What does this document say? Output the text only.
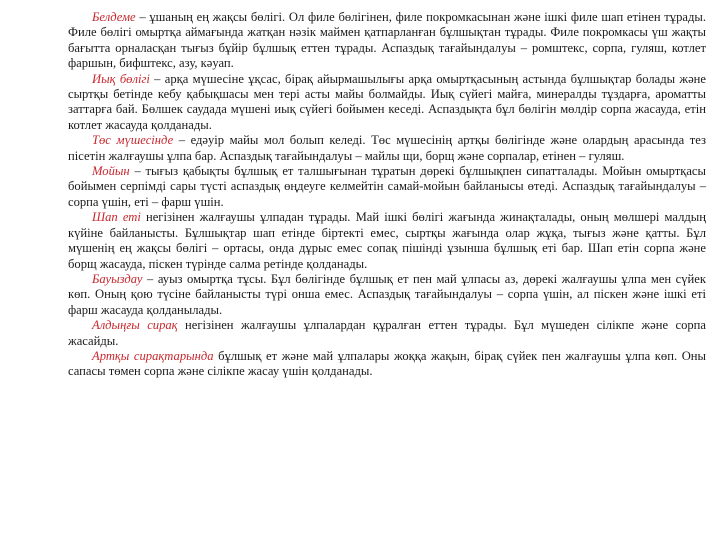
Белдеме – ұшаның ең жақсы бөлігі. Ол филе бөлігінен, филе покромкасынан және ішкі филе шап етінен тұрады. Филе бөлігі омыртқа аймағында жатқан нәзік маймен қатпарланған бұлшықтан тұрады. Филе покромкасы үш жақты бағытта орналасқан тығыз бұйір бұлшық еттен тұрады. Аспаздық тағайындалуы – ромштекс, сорпа, гуляш, котлет фаршын, бифштекс, азу, кәуап.

Иық бөлігі – арқа мүшесіне ұқсас, бірақ айырмашылығы арқа омыртқасының астында бұлшықтар болады және сыртқы бетінде кебу қабықшасы мен тері асты майы болмайды. Иық сүйегі майға, минералды тұздарға, ароматты заттарға бай. Бөлшек саудада мүшені иық сүйегі бойымен кеседі. Аспаздықта бұл бөлігін мөлдір сорпа жасауда, етін котлет жасауда қолданады.

Төс мүшесінде – едәуір майы мол болып келеді. Төс мүшесінің артқы бөлігінде және олардың арасында тез пісетін жалғаушы ұлпа бар. Аспаздық тағайындалуы – майлы щи, борщ және сорпалар, етінен – гуляш.

Мойын – тығыз қабықты бұлшық ет талшығынан тұратын дөрекі бұлшықпен сипатталады. Мойын омыртқасы бойымен серпімді сары түсті аспаздық өңдеуге келмейтін самай-мойын байланысы өтеді. Аспаздық тағайындалуы – сорпа үшін, еті – фарш үшін.

Шап еті негізінен жалғаушы ұлпадан тұрады. Май ішкі бөлігі жағында жинақталады, оның мөлшері малдың күйіне байланысты. Бұлшықтар шап етінде біртекті емес, сыртқы жағында олар жұқа, тығыз және қатты. Бұл мүшенің ең жақсы бөлігі – ортасы, онда дұрыс емес сопақ пішінді ұзынша бұлшық еті бар. Шап етін сорпа және борщ жасауда, піскен түрінде салма ретінде қолданады.

Бауыздау – ауыз омыртқа тұсы. Бұл бөлігінде бұлшық ет пен май ұлпасы аз, дөрекі жалғаушы ұлпа мен сүйек көп. Оның қою түсіне байланысты түрі онша емес. Аспаздық тағайындалуы – сорпа үшін, ал піскен және ішкі еті фарш жасауда қолданылады.

Алдыңғы сирақ негізінен жалғаушы ұлпалардан құралған еттен тұрады. Бұл мүшеден сілікпе және сорпа жасайды.

Артқы сирақтарында бұлшық ет және май ұлпалары жоққа жақын, бірақ сүйек пен жалғаушы ұлпа көп. Оны сапасы төмен сорпа және сілікпе жасау үшін қолданады.
